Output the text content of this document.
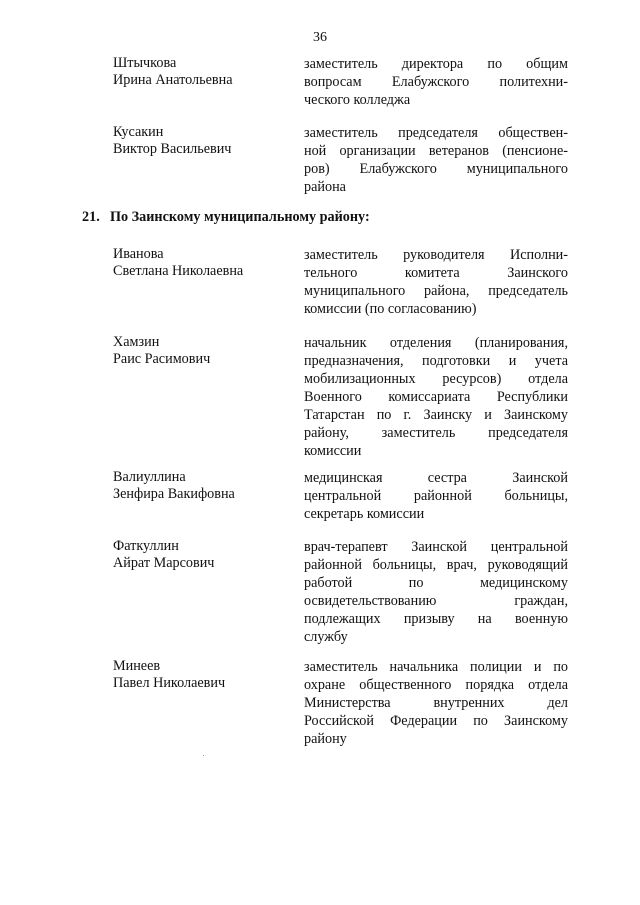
36
Штычкова
Ирина Анатольевна
заместитель директора по общим
вопросам Елабужского политехни-
ческого колледжа
Кусакин
Виктор Васильевич
заместитель председателя обществен-
ной организации ветеранов (пенсионе-
ров) Елабужского муниципального
района
21. По Заинскому муниципальному району:
Иванова
Светлана Николаевна
заместитель руководителя Исполни-
тельного комитета Заинского
муниципального района, председатель
комиссии (по согласованию)
Хамзин
Раис Расимович
начальник отделения (планирования,
предназначения, подготовки и учета
мобилизационных ресурсов) отдела
Военного комиссариата Республики
Татарстан по г. Заинску и Заинскому
району, заместитель председателя
комиссии
Валиуллина
Зенфира Вакифовна
медицинская сестра Заинской
центральной районной больницы,
секретарь комиссии
Фаткуллин
Айрат Марсович
врач-терапевт Заинской центральной
районной больницы, врач, руководящий
работой по медицинскому
освидетельствованию граждан,
подлежащих призыву на военную
службу
Минеев
Павел Николаевич
заместитель начальника полиции и по
охране общественного порядка отдела
Министерства внутренних дел
Российской Федерации по Заинскому
району
